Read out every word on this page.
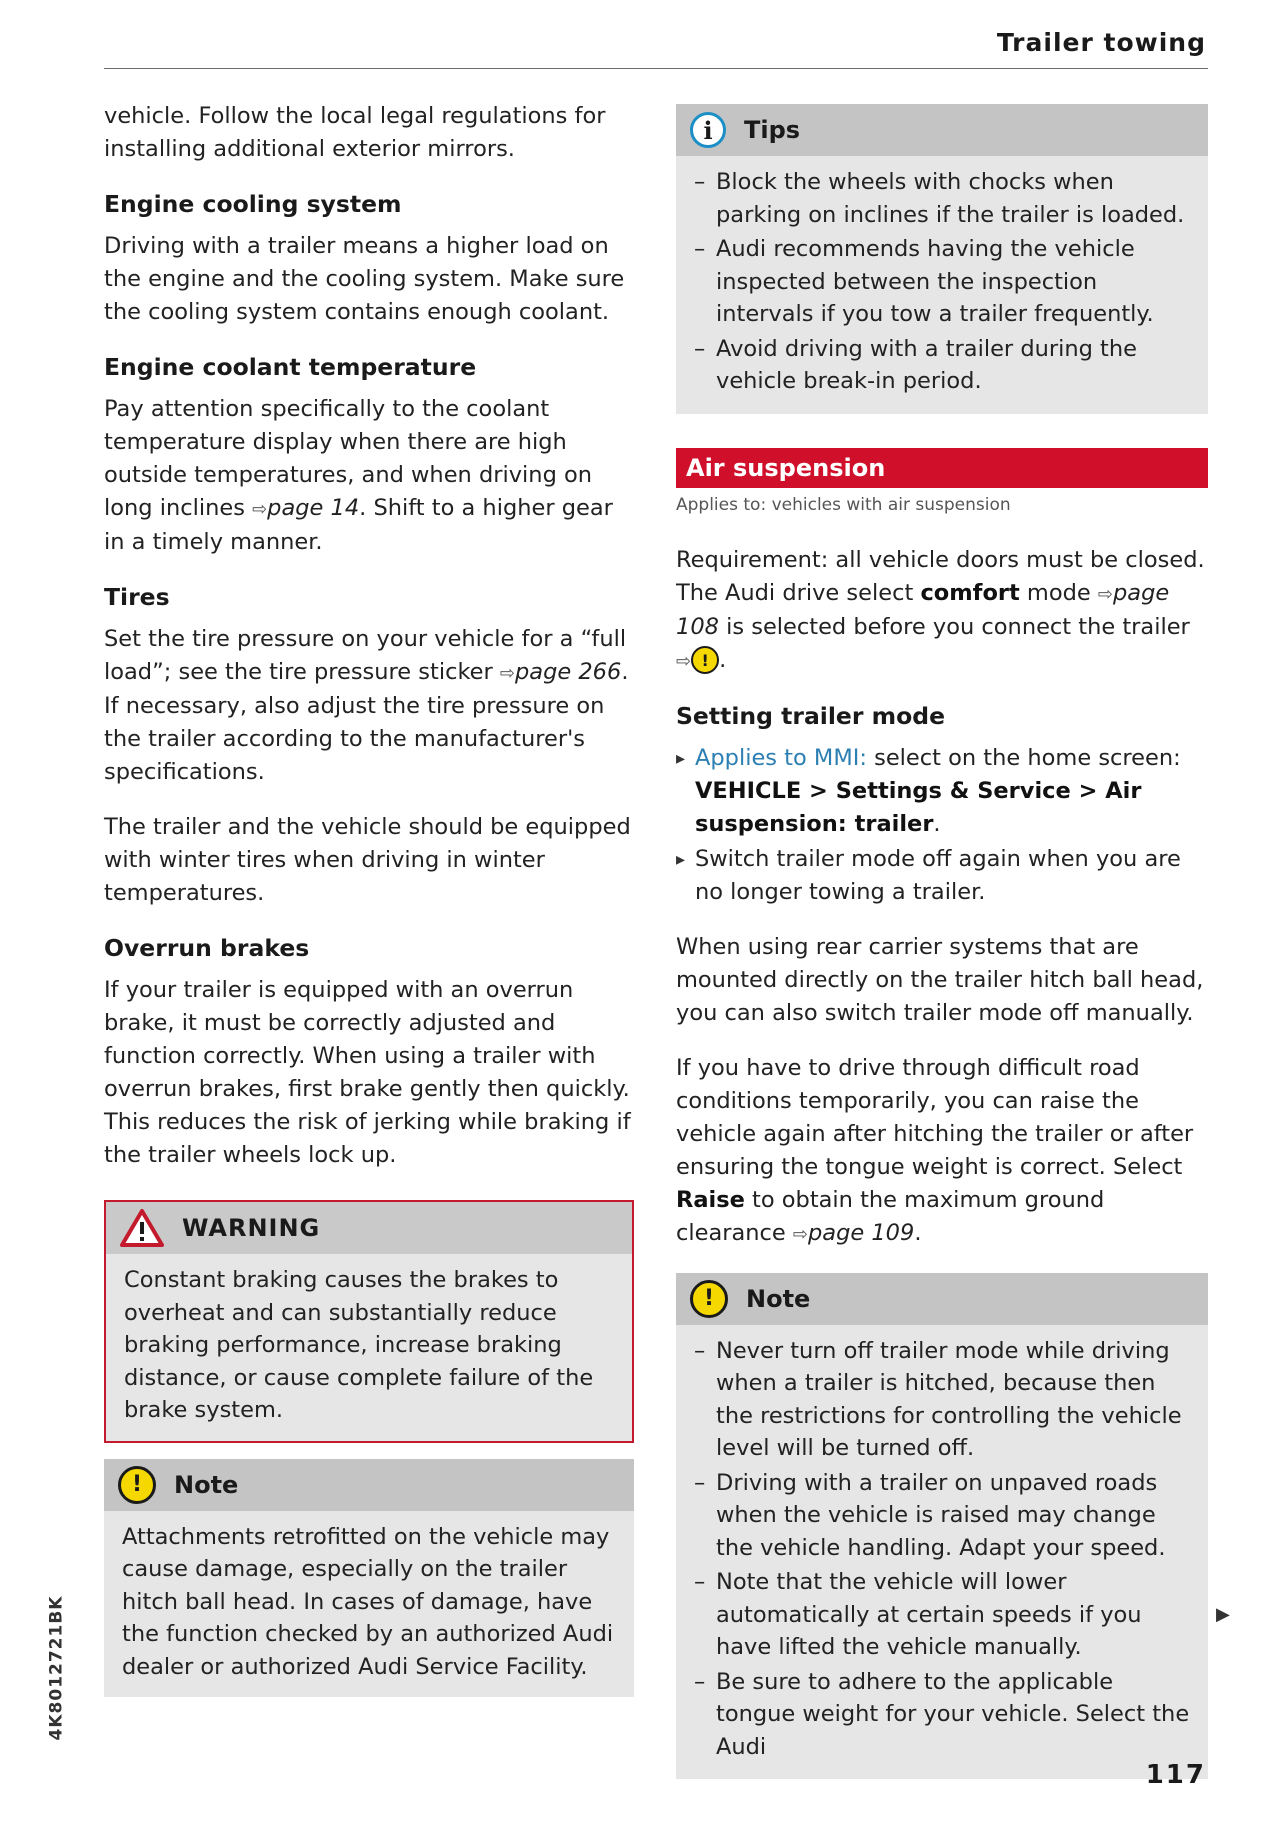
Trailer towing

vehicle. Follow the local legal regulations for installing additional exterior mirrors.

Engine cooling system

Driving with a trailer means a higher load on the engine and the cooling system. Make sure the cooling system contains enough coolant.

Engine coolant temperature

Pay attention specifically to the coolant temperature display when there are high outside temperatures, and when driving on long inclines ⇨page 14. Shift to a higher gear in a timely manner.

Tires

Set the tire pressure on your vehicle for a “full load”; see the tire pressure sticker ⇨page 266. If necessary, also adjust the tire pressure on the trailer according to the manufacturer's specifications.

The trailer and the vehicle should be equipped with winter tires when driving in winter temperatures.

Overrun brakes

If your trailer is equipped with an overrun brake, it must be correctly adjusted and function correctly. When using a trailer with overrun brakes, first brake gently then quickly. This reduces the risk of jerking while braking if the trailer wheels lock up.

WARNING

Constant braking causes the brakes to overheat and can substantially reduce braking performance, increase braking distance, or cause complete failure of the brake system.

!	Note

Attachments retrofitted on the vehicle may cause damage, especially on the trailer hitch ball head. In cases of damage, have the function checked by an authorized Audi dealer or authorized Audi Service Facility.

i	Tips
– Block the wheels with chocks when parking on inclines if the trailer is loaded.
– Audi recommends having the vehicle inspected between the inspection intervals if you tow a trailer frequently.
– Avoid driving with a trailer during the vehicle break-in period.
Air suspension
Applies to: vehicles with air suspension

Requirement: all vehicle doors must be closed. The Audi drive select comfort mode ⇨page 108 is selected before you connect the trailer ⇨ ! .

Setting trailer mode
▸ Applies to MMI: select on the home screen: VEHICLE > Settings & Service > Air suspension: trailer.
▸ Switch trailer mode off again when you are no longer towing a trailer.

When using rear carrier systems that are mounted directly on the trailer hitch ball head, you can also switch trailer mode off manually.

If you have to drive through difficult road conditions temporarily, you can raise the vehicle again after hitching the trailer or after ensuring the tongue weight is correct. Select Raise to obtain the maximum ground clearance ⇨page 109.

!	Note
– Never turn off trailer mode while driving when a trailer is hitched, because then the restrictions for controlling the vehicle level will be turned off.
– Driving with a trailer on unpaved roads when the vehicle is raised may change the vehicle handling. Adapt your speed.
– Note that the vehicle will lower automatically at certain speeds if you have lifted the vehicle manually.
– Be sure to adhere to the applicable tongue weight for your vehicle. Select the Audi
▶
4K8012721BK
117
